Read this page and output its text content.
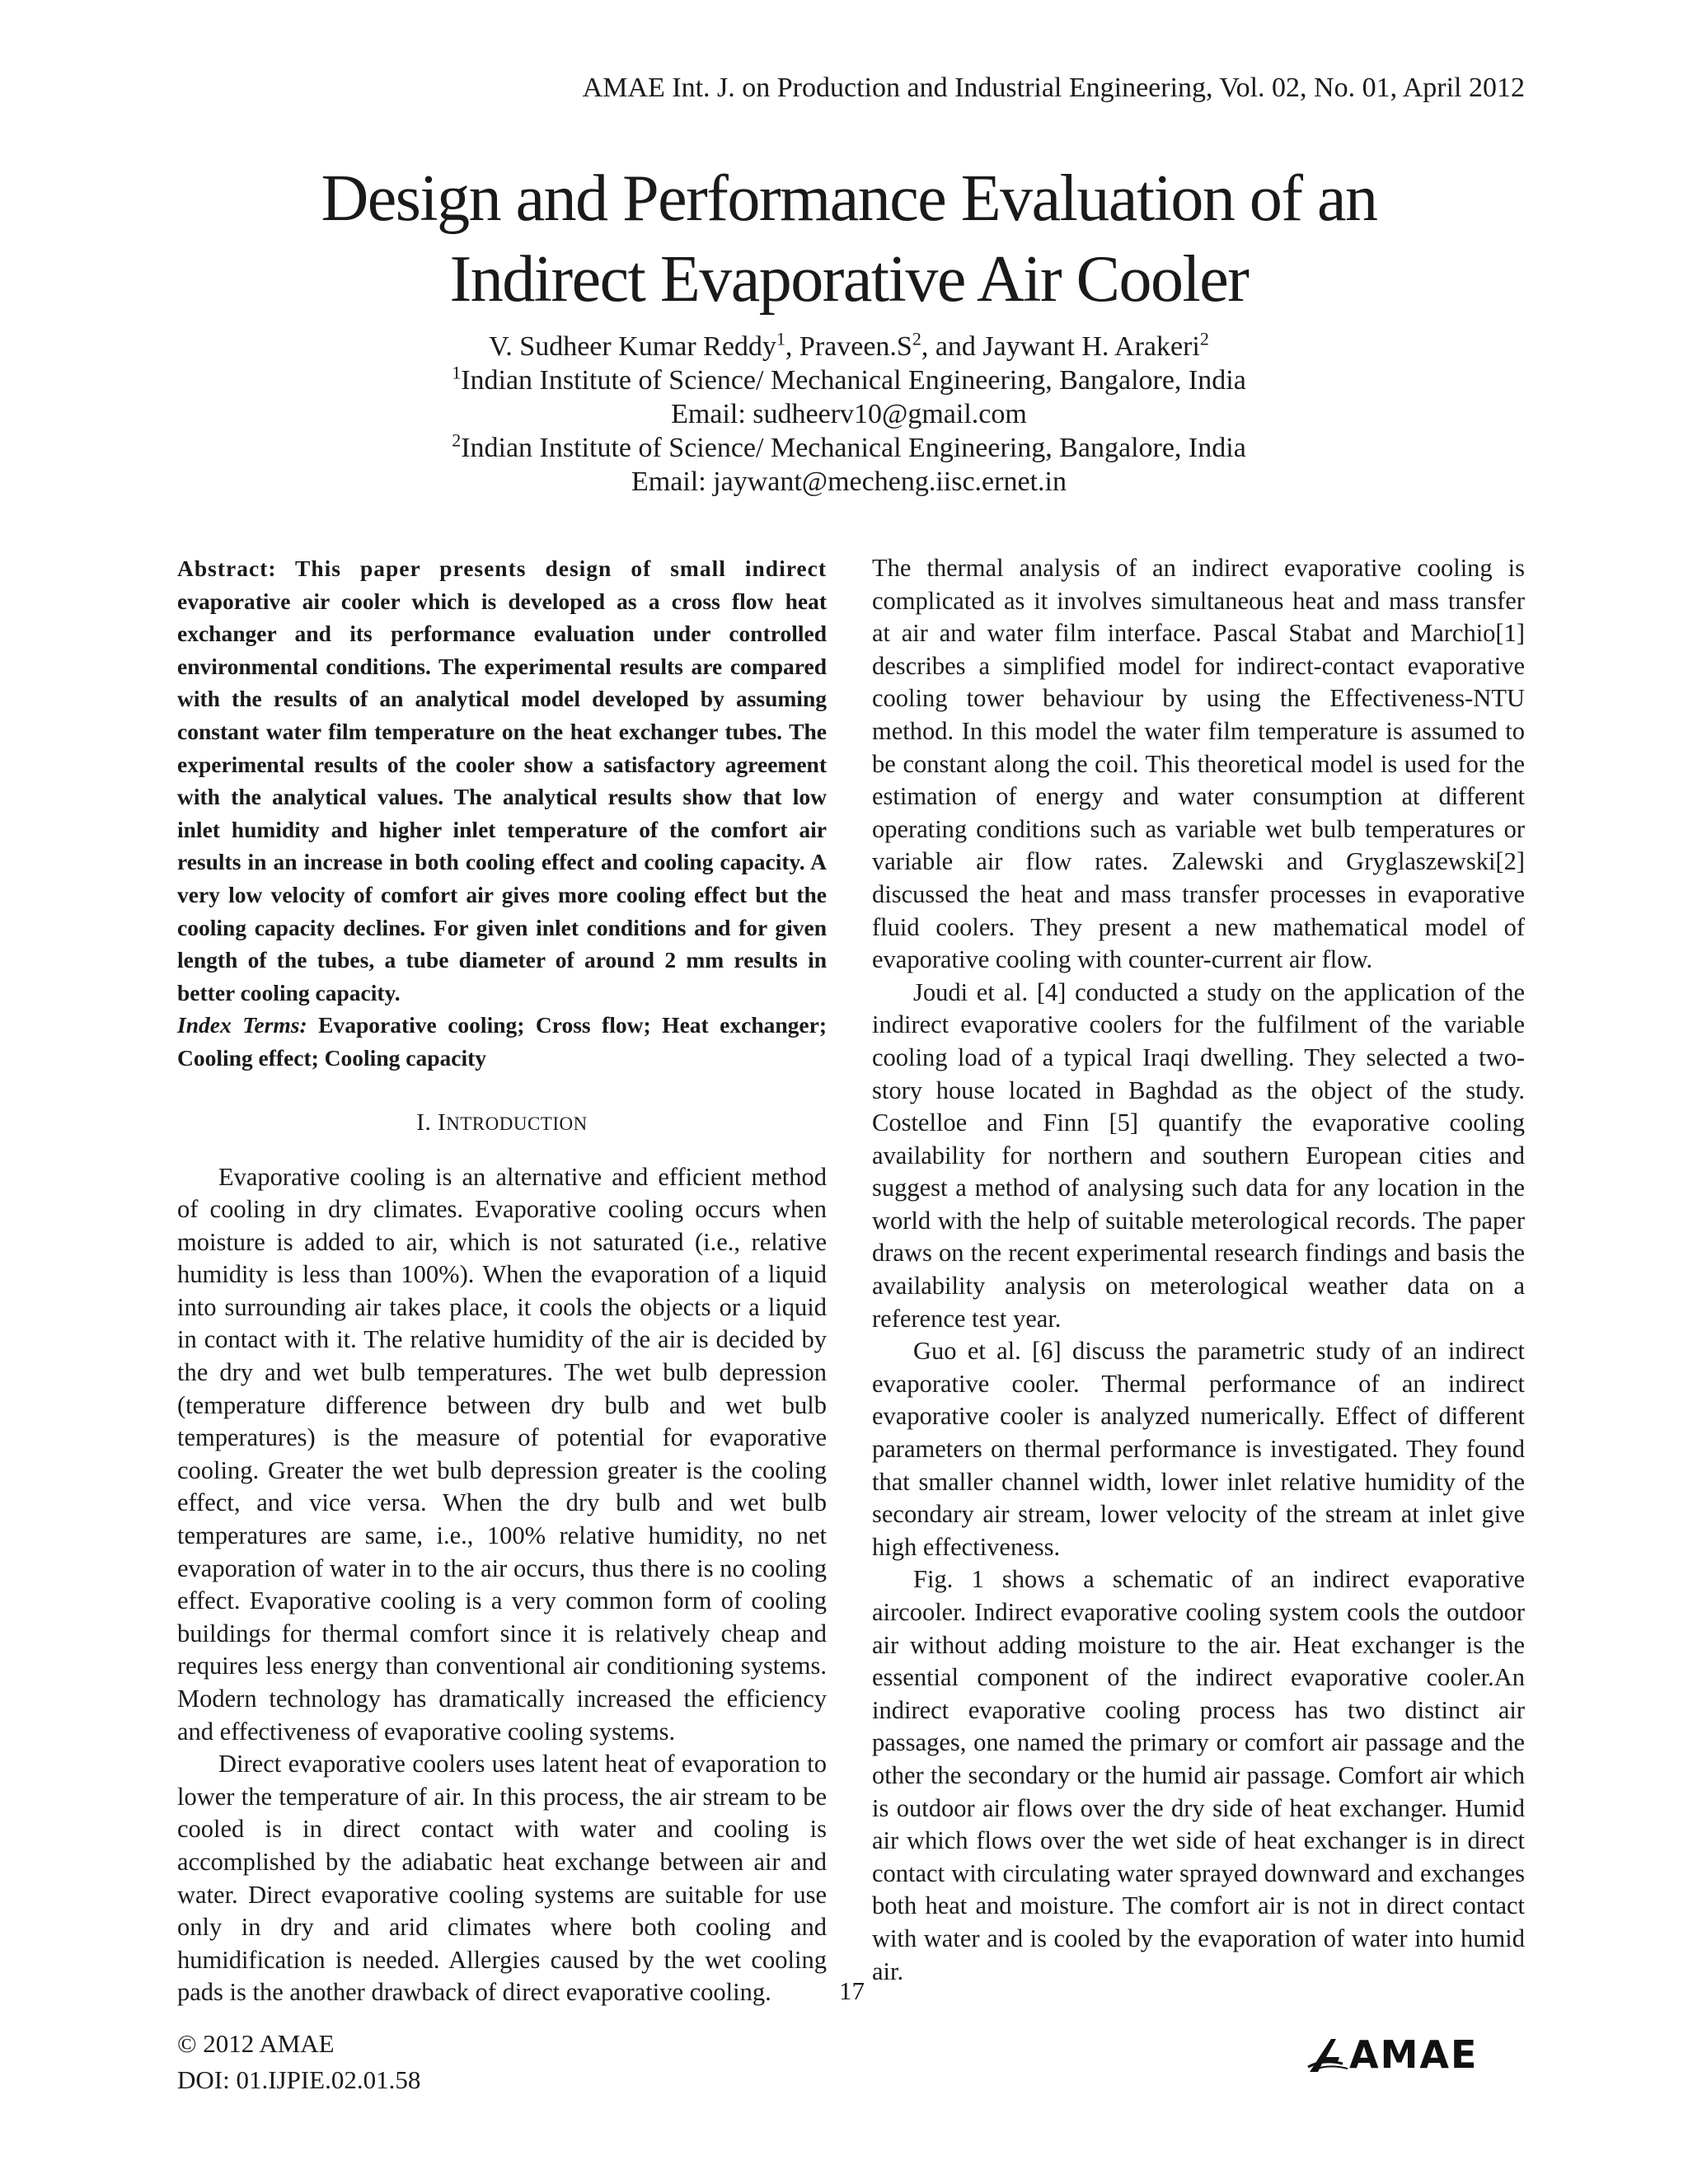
AMAE Int. J. on Production and Industrial Engineering, Vol. 02, No. 01, April 2012
Design and Performance Evaluation of an
Indirect Evaporative Air Cooler
V. Sudheer Kumar Reddy$^1$, $Praveen.S^2$, and Jaywant H. Arakeri$^2$
$^1$Indian Institute of Science/ Mechanical Engineering, Bangalore, India
Email: sudheerv10@gmail.com
$^2$Indian Institute of Science/ Mechanical Engineering, Bangalore, India
Email: jaywant@mecheng.iisc.ernet.in
Abstract: This paper presents design of small indirect evaporative air cooler which is developed as a cross flow heat exchanger and its performance evaluation under controlled environmental conditions. The experimental results are compared with the results of an analytical model developed by assuming constant water film temperature on the heat exchanger tubes. The experimental results of the cooler show a satisfactory agreement with the analytical values. The analytical results show that low inlet humidity and higher inlet temperature of the comfort air results in an increase in both cooling effect and cooling capacity. A very low velocity of comfort air gives more cooling effect but the cooling capacity declines. For given inlet conditions and for given length of the tubes, a tube diameter of around 2 mm results in better cooling capacity.
Index Terms: Evaporative cooling; Cross flow; Heat exchanger; Cooling effect; Cooling capacity
I. INTRODUCTION

Evaporative cooling is an alternative and efficient method of cooling in dry climates. Evaporative cooling occurs when moisture is added to air, which is not saturated (i.e., relative humidity is less than 100%). When the evaporation of a liquid into surrounding air takes place, it cools the objects or a liquid in contact with it. The relative humidity of the air is decided by the dry and wet bulb temperatures. The wet bulb depression (temperature difference between dry bulb and wet bulb temperatures) is the measure of potential for evaporative cooling. Greater the wet bulb depression greater is the cooling effect, and vice versa. When the dry bulb and wet bulb temperatures are same, i.e., 100% relative humidity, no net evaporation of water in to the air occurs, thus there is no cooling effect. Evaporative cooling is a very common form of cooling buildings for thermal comfort since it is relatively cheap and requires less energy than conventional air conditioning systems. Modern technology has dramatically increased the efficiency and effectiveness of evaporative cooling systems.

Direct evaporative coolers uses latent heat of evaporation to lower the temperature of air. In this process, the air stream to be cooled is in direct contact with water and cooling is accomplished by the adiabatic heat exchange between air and water. Direct evaporative cooling systems are suitable for use only in dry and arid climates where both cooling and humidification is needed. Allergies caused by the wet cooling pads is the another drawback of direct evaporative cooling.

The thermal analysis of an indirect evaporative cooling is complicated as it involves simultaneous heat and mass transfer at air and water film interface. Pascal Stabat and Marchio[1] describes a simplified model for indirect-contact evaporative cooling tower behaviour by using the Effectiveness-NTU method. In this model the water film temperature is assumed to be constant along the coil. This theoretical model is used for the estimation of energy and water consumption at different operating conditions such as variable wet bulb temperatures or variable air flow rates. Zalewski and Gryglaszewski[2] discussed the heat and mass transfer processes in evaporative fluid coolers. They present a new mathematical model of evaporative cooling with counter-current air flow.

Joudi et al. [4] conducted a study on the application of the indirect evaporative coolers for the fulfilment of the variable cooling load of a typical Iraqi dwelling. They selected a two-story house located in Baghdad as the object of the study. Costelloe and Finn [5] quantify the evaporative cooling availability for northern and southern European cities and suggest a method of analysing such data for any location in the world with the help of suitable meterological records. The paper draws on the recent experimental research findings and basis the availability analysis on meterological weather data on a reference test year.

Guo et al. [6] discuss the parametric study of an indirect evaporative cooler. Thermal performance of an indirect evaporative cooler is analyzed numerically. Effect of different parameters on thermal performance is investigated. They found that smaller channel width, lower inlet relative humidity of the secondary air stream, lower velocity of the stream at inlet give high effectiveness.

Fig. 1 shows a schematic of an indirect evaporative aircooler. Indirect evaporative cooling system cools the outdoor air without adding moisture to the air. Heat exchanger is the essential component of the indirect evaporative cooler.An indirect evaporative cooling process has two distinct air passages, one named the primary or comfort air passage and the other the secondary or the humid air passage. Comfort air which is outdoor air flows over the dry side of heat exchanger. Humid air which flows over the wet side of heat exchanger is in direct contact with circulating water sprayed downward and exchanges both heat and moisture. The comfort air is not in direct contact with water and is cooled by the evaporation of water into humid air.

17
© 2012 AMAE
DOI: 01.IJPIE.02.01.58
AMAE
